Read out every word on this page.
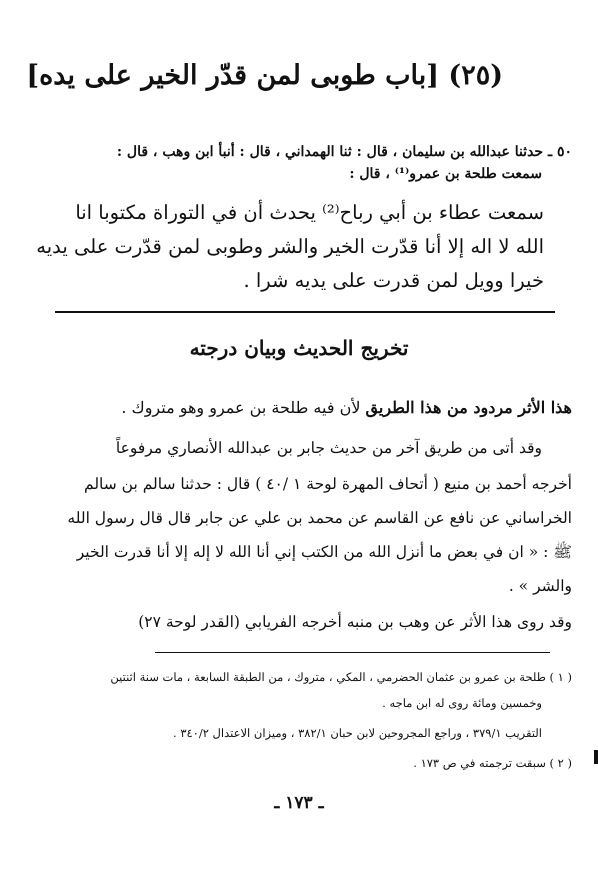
(٢٥) [باب طوبى لمن قدّر الخير على يده]
٥٠ ـ حدثنا عبدالله بن سليمان ، قال : ثنا الهمداني ، قال : أنبأ ابن وهب ، قال :
سمعت طلحة بن عمرو⁽¹⁾ ، قال :
سمعت عطاء بن أبي رباح⁽²⁾ يحدث أن في التوراة مكتوبا انا
الله لا اله إلا أنا قدّرت الخير والشر وطوبى لمن قدّرت على يديه
خيرا وويل لمن قدرت على يديه شرا .
تخريج الحديث وبيان درجته
هذا الأثر مردود من هذا الطريق لأن فيه طلحة بن عمرو وهو متروك .
وقد أتى من طريق آخر من حديث جابر بن عبدالله الأنصاري مرفوعاً
أخرجه أحمد بن منيع ( أتحاف المهرة لوحة ١ /٤٠ ) قال : حدثنا سالم بن سالم
الخراساني عن نافع عن القاسم عن محمد بن علي عن جابر قال قال رسول الله
ﷺ : « ان في بعض ما أنزل الله من الكتب إني أنا الله لا إله إلا أنا قدرت الخير
والشر » .
وقد روى هذا الأثر عن وهب بن منبه أخرجه الفريابي (القدر لوحة ٢٧)
( ١ ) طلحة بن عمرو بن عثمان الحضرمي ، المكي ، متروك ، من الطبقة السابعة ، مات سنة اثنتين
وخمسين ومائة روى له ابن ماجه .
التقريب ٣٧٩/١ ، وراجع المجروحين لابن حبان ٣٨٢/١ ، وميزان الاعتدال ٣٤٠/٢ .
( ٢ ) سبقت ترجمته في ص ١٧٣ .
ـ ١٧٣ ـ
